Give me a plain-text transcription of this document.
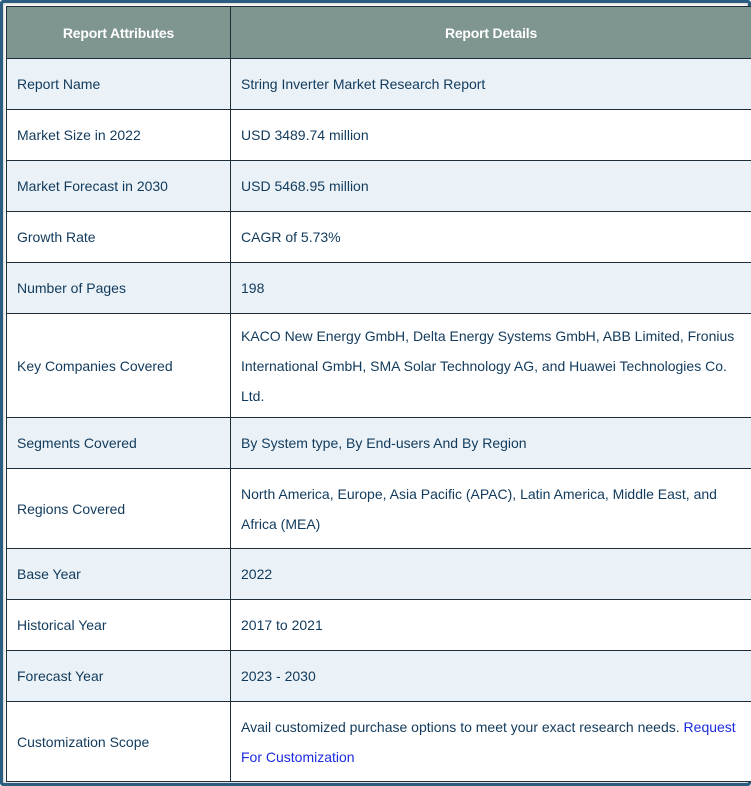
Report Attributes	Report Details
Report Name	String Inverter Market Research Report
Market Size in 2022	USD 3489.74 million
Market Forecast in 2030	USD 5468.95 million
Growth Rate	CAGR of 5.73%
Number of Pages	198
Key Companies Covered	KACO New Energy GmbH, Delta Energy Systems GmbH, ABB Limited, Fronius International GmbH, SMA Solar Technology AG, and Huawei Technologies Co. Ltd.
Segments Covered	By System type, By End-users And By Region
Regions Covered	North America, Europe, Asia Pacific (APAC), Latin America, Middle East, and Africa (MEA)
Base Year	2022
Historical Year	2017 to 2021
Forecast Year	2023 - 2030
Customization Scope	Avail customized purchase options to meet your exact research needs. Request For Customization
